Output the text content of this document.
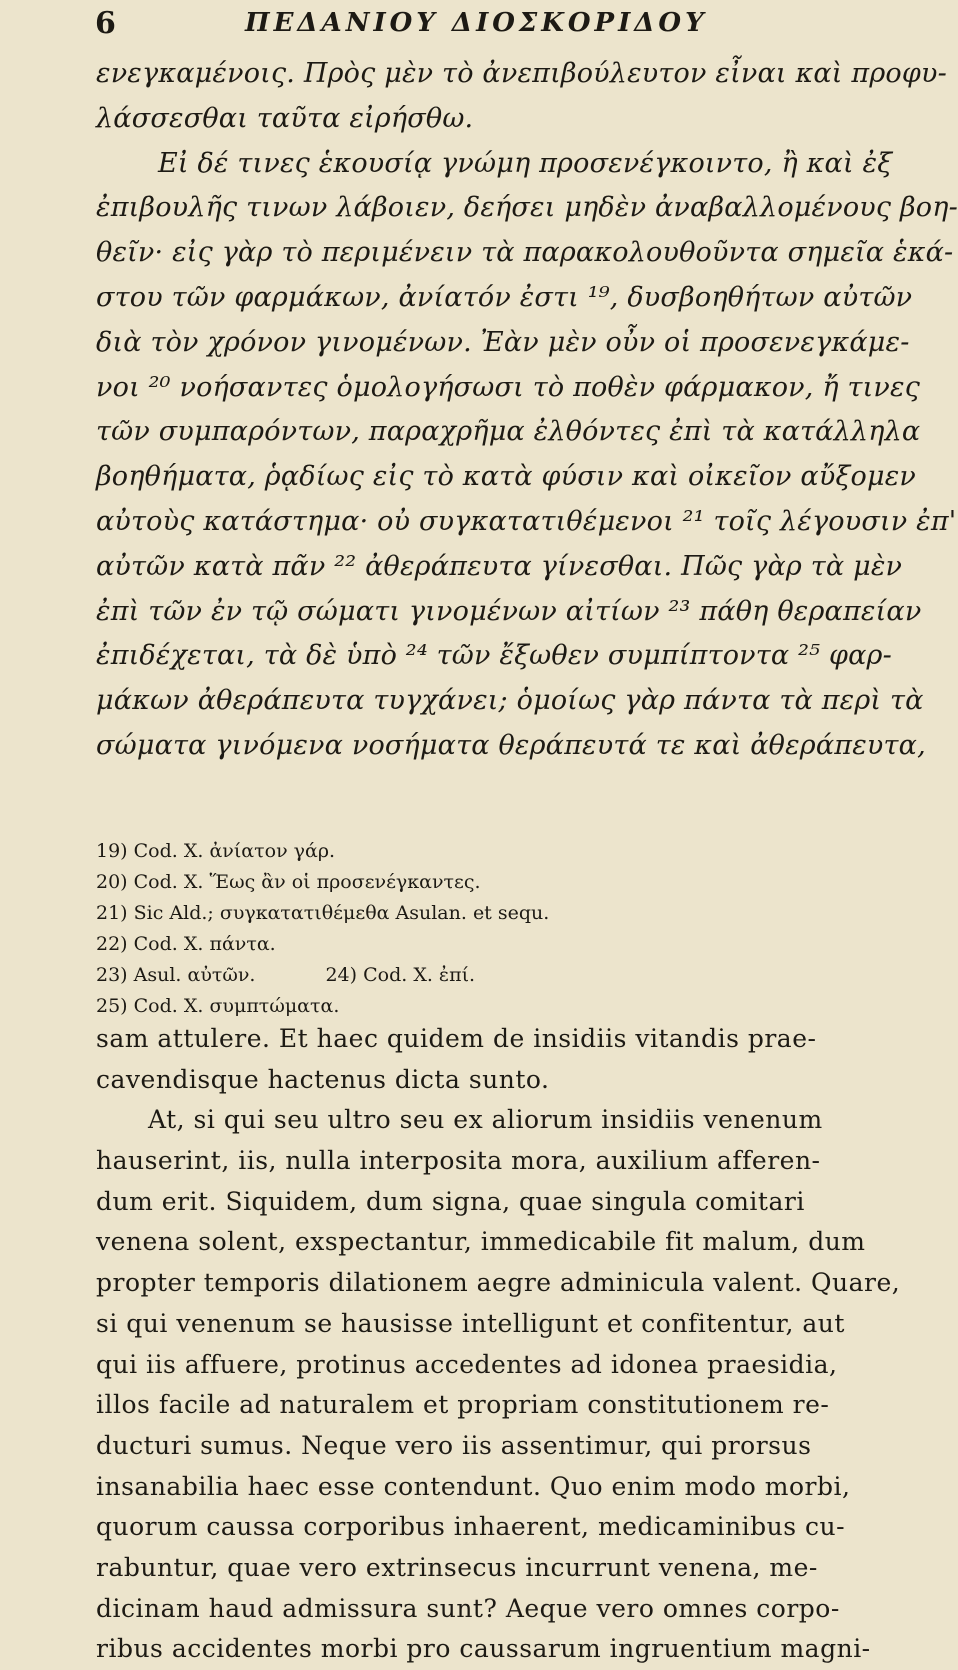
6	ΠΕΔΑΝΙΟΥ ΔΙΟΣΚΟΡΙΔΟΥ
ενεγκαμένοις. Πρὸς μὲν τὸ ἀνεπιβούλευτον εἶναι καὶ προφυ-
λάσσεσθαι ταῦτα εἰρήσθω.
Εἰ δέ τινες ἑκουσίᾳ γνώμη προσενέγκοιντο, ἢ καὶ ἐξ
ἐπιβουλῆς τινων λάβοιεν, δεήσει μηδὲν ἀναβαλλομένους βοη-
θεῖν· εἰς γὰρ τὸ περιμένειν τὰ παρακολουθοῦντα σημεῖα ἑκά-
στου τῶν φαρμάκων, ἀνίατόν ἐστι ¹⁹, δυσβοηθήτων αὐτῶν
διὰ τὸν χρόνον γινομένων. Ἐὰν μὲν οὖν οἱ προσενεγκάμε-
νοι ²⁰ νοήσαντες ὁμολογήσωσι τὸ ποθὲν φάρμακον, ἤ τινες
τῶν συμπαρόντων, παραχρῆμα ἐλθόντες ἐπὶ τὰ κατάλληλα
βοηθήματα, ῥᾳδίως εἰς τὸ κατὰ φύσιν καὶ οἰκεῖον αὔξομεν
αὐτοὺς κατάστημα· οὐ συγκατατιθέμενοι ²¹ τοῖς λέγουσιν ἐπ'
αὐτῶν κατὰ πᾶν ²² ἀθεράπευτα γίνεσθαι. Πῶς γὰρ τὰ μὲν
ἐπὶ τῶν ἐν τῷ σώματι γινομένων αἰτίων ²³ πάθη θεραπείαν
ἐπιδέχεται, τὰ δὲ ὑπὸ ²⁴ τῶν ἔξωθεν συμπίπτοντα ²⁵ φαρ-
μάκων ἀθεράπευτα τυγχάνει; ὁμοίως γὰρ πάντα τὰ περὶ τὰ
σώματα γινόμενα νοσήματα θεράπευτά τε καὶ ἀθεράπευτα,
19) Cod. X. ἀνίατον γάρ.
20) Cod. X. Ἕως ἂν οἱ προσενέγκαντες.
21) Sic Ald.; συγκατατιθέμεθα Asulan. et sequ.
22) Cod. X. πάντα.
23) Asul. αὐτῶν.	24) Cod. X. ἐπί.
25) Cod. X. συμπτώματα.
sam attulere. Et haec quidem de insidiis vitandis prae-
cavendisque hactenus dicta sunto.
At, si qui seu ultro seu ex aliorum insidiis venenum
hauserint, iis, nulla interposita mora, auxilium afferen-
dum erit. Siquidem, dum signa, quae singula comitari
venena solent, exspectantur, immedicabile fit malum, dum
propter temporis dilationem aegre adminicula valent. Quare,
si qui venenum se hausisse intelligunt et confitentur, aut
qui iis affuere, protinus accedentes ad idonea praesidia,
illos facile ad naturalem et propriam constitutionem re-
ducturi sumus. Neque vero iis assentimur, qui prorsus
insanabilia haec esse contendunt. Quo enim modo morbi,
quorum caussa corporibus inhaerent, medicaminibus cu-
rabuntur, quae vero extrinsecus incurrunt venena, me-
dicinam haud admissura sunt? Aeque vero omnes corpo-
ribus accidentes morbi pro caussarum ingruentium magni-
